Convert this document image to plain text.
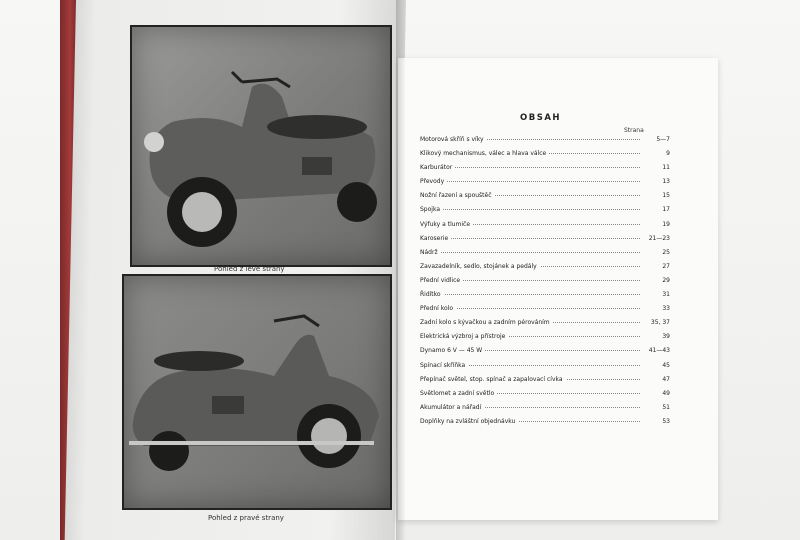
Pohled z levé strany
Pohled z pravé strany
OBSAH
Strana
Motorová skříň s víky	5—7
Klikový mechanismus, válec a hlava válce	9
Karburátor	11
Převody	13
Nožní řazení a spouštěč	15
Spojka	17
Výfuky a tlumiče	19
Karoserie	21—23
Nádrž	25
Zavazadelník, sedlo, stojánek a pedály	27
Přední vidlice	29
Řidítko	31
Přední kolo	33
Zadní kolo s kývačkou a zadním pérováním	35, 37
Elektrická výzbroj a přístroje	39
Dynamo 6 V — 45 W	41—43
Spínací skříňka	45
Přepínač světel, stop. spínač a zapalovací cívka	47
Světlomet a zadní světlo	49
Akumulátor a nářadí	51
Doplňky na zvláštní objednávku	53
